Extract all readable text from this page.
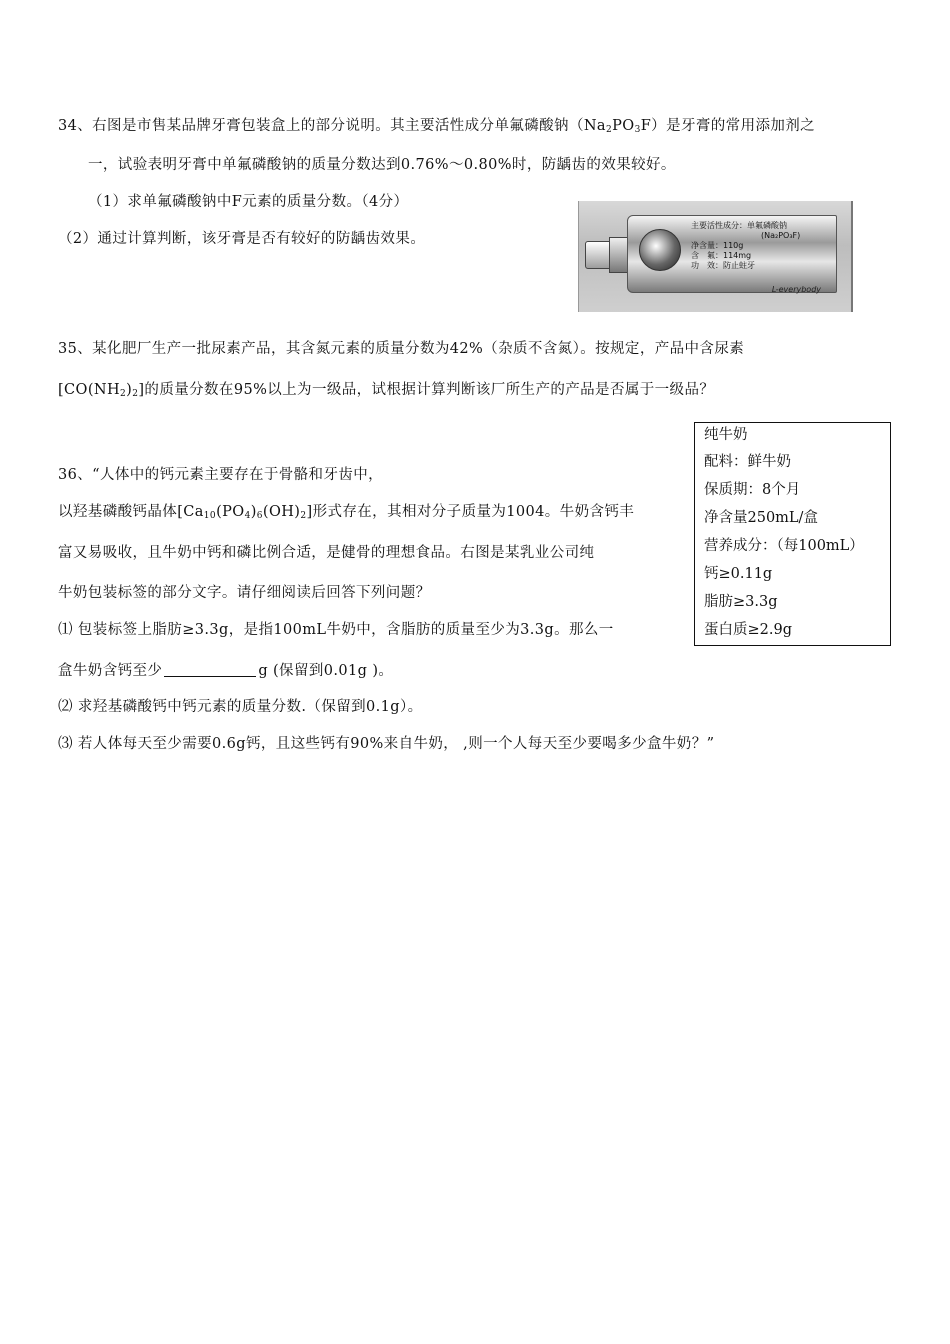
34、右图是市售某品牌牙膏包装盒上的部分说明。其主要活性成分单氟磷酸钠（Na2PO3F）是牙膏的常用添加剂之
一，试验表明牙膏中单氟磷酸钠的质量分数达到0.76%～0.80%时，防龋齿的效果较好。
（1）求单氟磷酸钠中F元素的质量分数。（4分）
（2）通过计算判断，该牙膏是否有较好的防龋齿效果。
主要活性成分：单氟磷酸钠
(Na₂PO₃F)
净含量：110g
含　氟：114mg
功　效：防止蛀牙
L-everybody
35、某化肥厂生产一批尿素产品，其含氮元素的质量分数为42%（杂质不含氮）。按规定，产品中含尿素
[CO(NH2)2]的质量分数在95%以上为一级品，试根据计算判断该厂所生产的产品是否属于一级品？
36、“人体中的钙元素主要存在于骨骼和牙齿中，
以羟基磷酸钙晶体[Ca10(PO4)6(OH)2]形式存在，其相对分子质量为1004。牛奶含钙丰
富又易吸收，且牛奶中钙和磷比例合适，是健骨的理想食品。右图是某乳业公司纯
牛奶包装标签的部分文字。请仔细阅读后回答下列问题？
⑴ 包装标签上脂肪≥3.3g，是指100mL牛奶中，含脂肪的质量至少为3.3g。那么一
盒牛奶含钙至少	g (保留到0.01g )。
⑵ 求羟基磷酸钙中钙元素的质量分数.（保留到0.1g）。
⑶ 若人体每天至少需要0.6g钙，且这些钙有90%来自牛奶， ,则一个人每天至少要喝多少盒牛奶？”
纯牛奶
配料：鲜牛奶
保质期：8个月
净含量250mL/盒
营养成分：（每100mL）
钙≥0.11g
脂肪≥3.3g
蛋白质≥2.9g
